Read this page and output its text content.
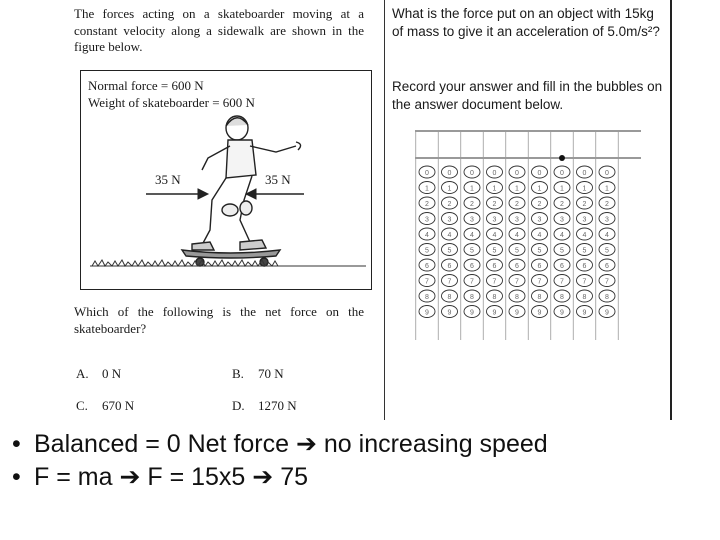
The forces acting on a skateboarder moving at a constant velocity along a sidewalk are shown in the figure below.
Normal force = 600 N
Weight of skateboarder = 600 N
35 N	35 N
Which of the following is the net force on the skateboarder?
A. 0 N	B. 70 N
C. 670 N	D. 1270 N
What is the force put on an object with 15kg of mass to give it an acceleration of 5.0m/s²?
Record your answer and fill in the bubbles on the answer document below.
0
1
2
3
4
5
6
7
8
9
0
1
2
3
4
5
6
7
8
9
0
1
2
3
4
5
6
7
8
9
0
1
2
3
4
5
6
7
8
9
0
1
2
3
4
5
6
7
8
9
0
1
2
3
4
5
6
7
8
9
0
1
2
3
4
5
6
7
8
9
0
1
2
3
4
5
6
7
8
9
0
1
2
3
4
5
6
7
8
9
• Balanced = 0 Net force ➔ no increasing speed
• F = ma ➔ F = 15x5 ➔ 75
